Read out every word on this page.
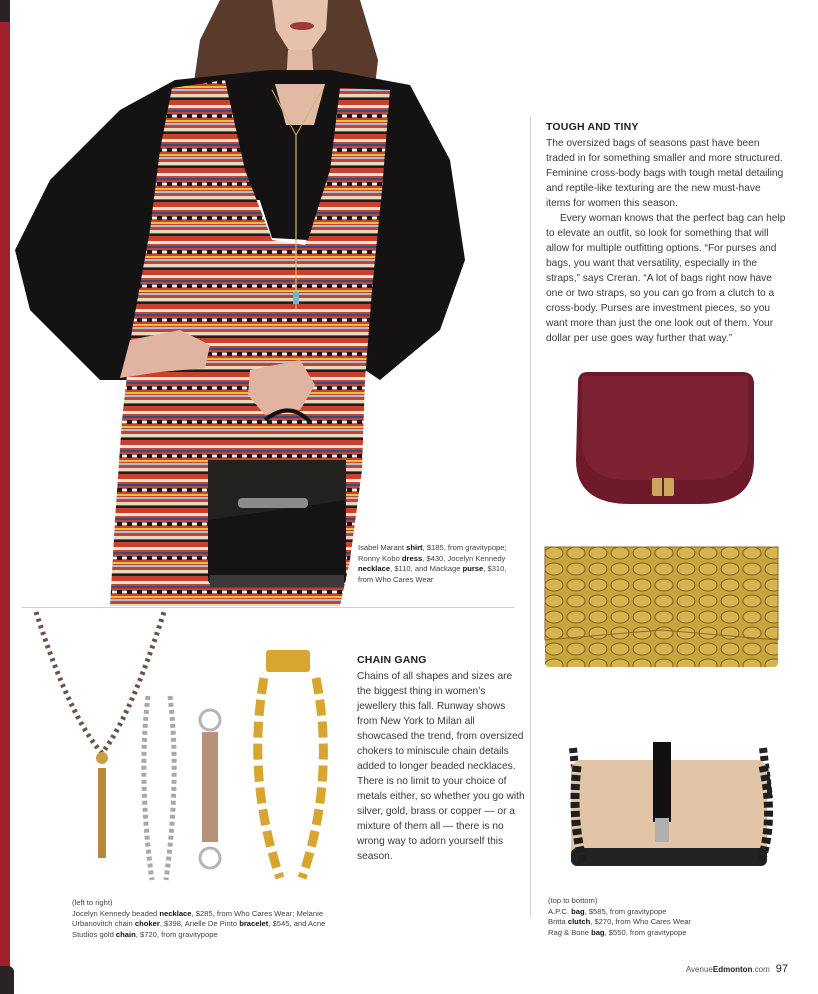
TOUGH AND TINY

The oversized bags of seasons past have been traded in for something smaller and more structured. Feminine cross-body bags with tough metal detailing and reptile-like texturing are the new must-have items for women this season.

Every woman knows that the perfect bag can help to elevate an outfit, so look for something that will allow for multiple outfitting options. “For purses and bags, you want that versatility, especially in the straps,” says Creran. “A lot of bags right now have one or two straps, so you can go from a clutch to a cross-body. Purses are investment pieces, so you want more than just the one look out of them. Your dollar per use goes way further that way.”

Isabel Marant shirt, $185, from gravitypope;
Ronny Kobo dress, $430, Jocelyn Kennedy
necklace, $110, and Mackage purse, $310,
from Who Cares Wear
(top to bottom)
A.P.C. bag, $585, from gravitypope
Britta clutch, $270, from Who Cares Wear
Rag & Bone bag, $550, from gravitypope
CHAIN GANG
Chains of all shapes and sizes are the biggest thing in women’s jewellery this fall. Runway shows from New York to Milan all showcased the trend, from oversized chokers to miniscule chain details added to longer beaded necklaces. There is no limit to your choice of metals either, so whether you go with silver, gold, brass or copper — or a mixture of them all — there is no wrong way to adorn yourself this season.
(left to right)
Jocelyn Kennedy beaded necklace, $285, from Who Cares Wear; Melanie
Urbanovitch chain choker, $398, Arielle De Pinto bracelet, $545, and Acne
Studios gold chain, $720, from gravitypope
AvenueEdmonton.com 97
